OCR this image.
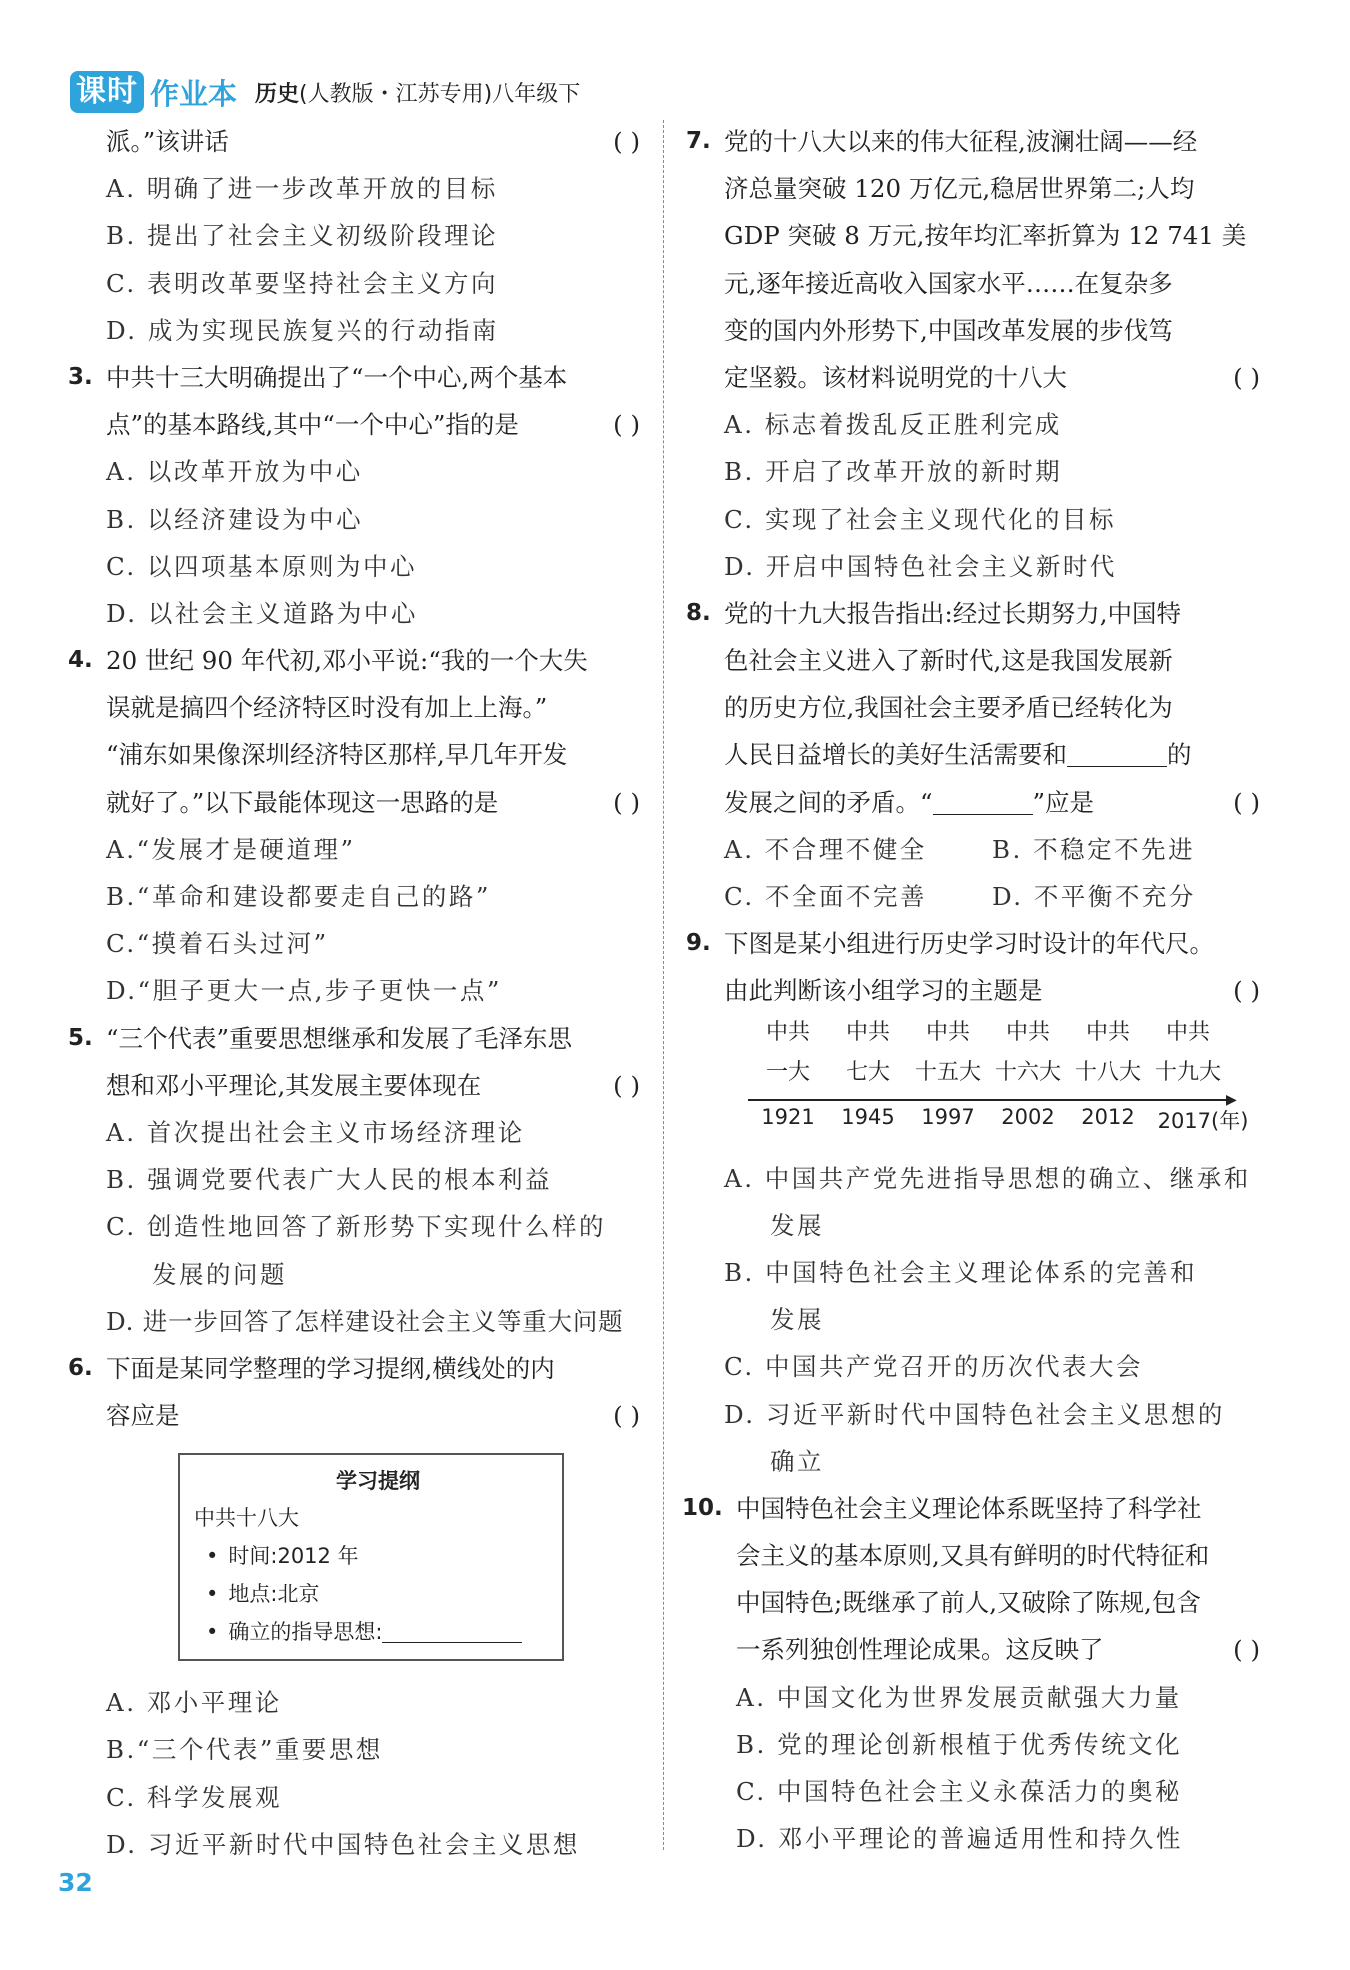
课时 作业本 历史(人教版・江苏专用)八年级下
派。”该讲话	( )
A. 明确了进一步改革开放的目标
B. 提出了社会主义初级阶段理论
C. 表明改革要坚持社会主义方向
D. 成为实现民族复兴的行动指南
3. 中共十三大明确提出了“一个中心,两个基本
点”的基本路线,其中“一个中心”指的是	( )
A. 以改革开放为中心
B. 以经济建设为中心
C. 以四项基本原则为中心
D. 以社会主义道路为中心
4. 20 世纪 90 年代初,邓小平说:“我的一个大失
误就是搞四个经济特区时没有加上上海。”
“浦东如果像深圳经济特区那样,早几年开发
就好了。”以下最能体现这一思路的是	( )
A.“发展才是硬道理”
B.“革命和建设都要走自己的路”
C.“摸着石头过河”
D.“胆子更大一点,步子更快一点”
5. “三个代表”重要思想继承和发展了毛泽东思
想和邓小平理论,其发展主要体现在	( )
A. 首次提出社会主义市场经济理论
B. 强调党要代表广大人民的根本利益
C. 创造性地回答了新形势下实现什么样的
发展的问题
D. 进一步回答了怎样建设社会主义等重大问题
6. 下面是某同学整理的学习提纲,横线处的内
容应是	( )
学习提纲
中共十八大
• 时间:2012 年
• 地点:北京
• 确立的指导思想:
A. 邓小平理论
B.“三个代表”重要思想
C. 科学发展观
D. 习近平新时代中国特色社会主义思想
7. 党的十八大以来的伟大征程,波澜壮阔——经
济总量突破 120 万亿元,稳居世界第二;人均
GDP 突破 8 万元,按年均汇率折算为 12 741 美
元,逐年接近高收入国家水平……在复杂多
变的国内外形势下,中国改革发展的步伐笃
定坚毅。该材料说明党的十八大	( )
A. 标志着拨乱反正胜利完成
B. 开启了改革开放的新时期
C. 实现了社会主义现代化的目标
D. 开启中国特色社会主义新时代
8. 党的十九大报告指出:经过长期努力,中国特
色社会主义进入了新时代,这是我国发展新
的历史方位,我国社会主要矛盾已经转化为
人民日益增长的美好生活需要和	的
发展之间的矛盾。“	”应是	( )
A. 不合理不健全	B. 不稳定不先进
C. 不全面不完善	D. 不平衡不充分
9. 下图是某小组进行历史学习时设计的年代尺。
由此判断该小组学习的主题是	( )
中共	中共	中共	中共	中共	中共
一大	七大	十五大 十六大 十八大 十九大
▶
1921	1945	1997	2002	2012	2017(年)
A. 中国共产党先进指导思想的确立、继承和
发展
B. 中国特色社会主义理论体系的完善和
发展
C. 中国共产党召开的历次代表大会
D. 习近平新时代中国特色社会主义思想的
确立
10. 中国特色社会主义理论体系既坚持了科学社
会主义的基本原则,又具有鲜明的时代特征和
中国特色;既继承了前人,又破除了陈规,包含
一系列独创性理论成果。这反映了	( )
A. 中国文化为世界发展贡献强大力量
B. 党的理论创新根植于优秀传统文化
C. 中国特色社会主义永葆活力的奥秘
D. 邓小平理论的普遍适用性和持久性
32
